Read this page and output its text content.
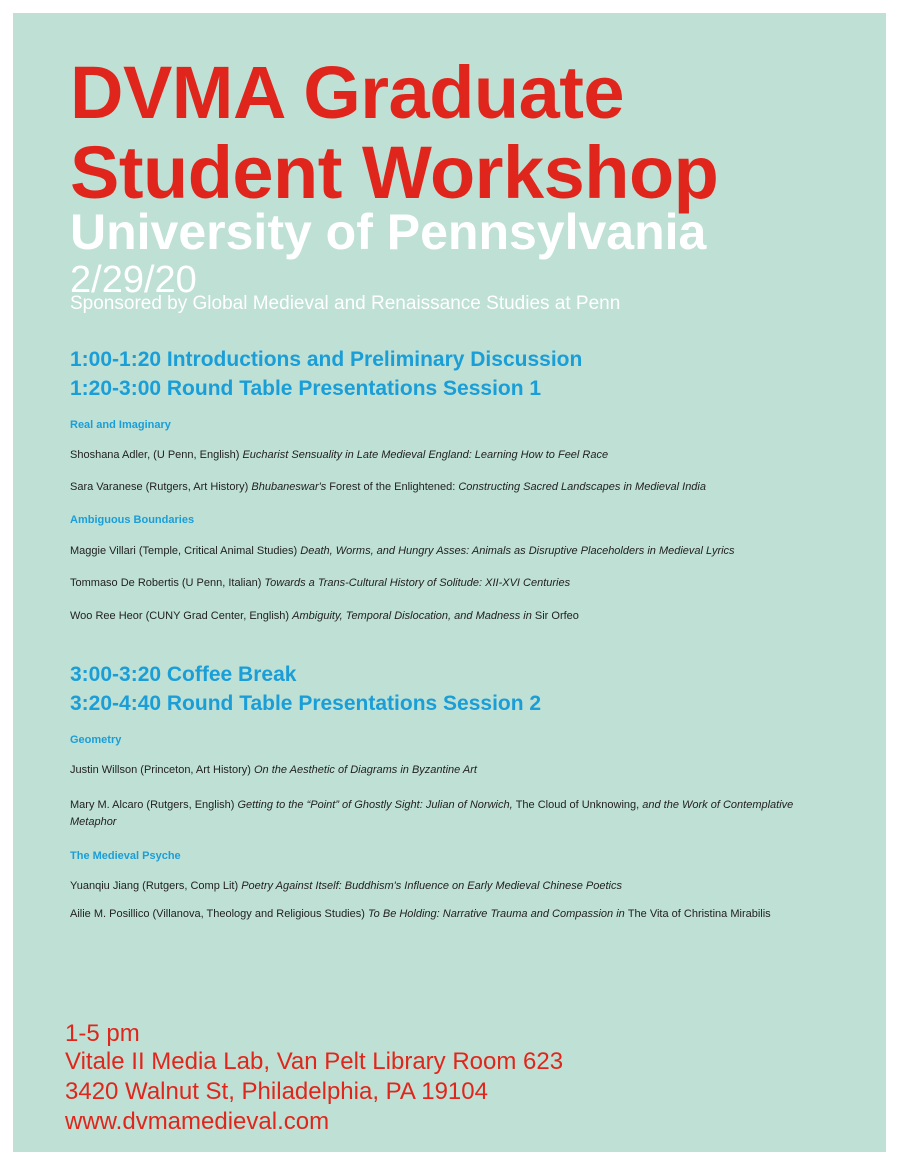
DVMA Graduate
Student Workshop
University of Pennsylvania
2/29/20
Sponsored by Global Medieval and Renaissance Studies at Penn
1:00-1:20 Introductions and Preliminary Discussion
1:20-3:00 Round Table Presentations Session 1
Real and Imaginary
Shoshana Adler, (U Penn, English) Eucharist Sensuality in Late Medieval England: Learning How to Feel Race
Sara Varanese (Rutgers, Art History) Bhubaneswar's Forest of the Enlightened: Constructing Sacred Landscapes in Medieval India
Ambiguous Boundaries
Maggie Villari (Temple, Critical Animal Studies) Death, Worms, and Hungry Asses: Animals as Disruptive Placeholders in Medieval Lyrics
Tommaso De Robertis (U Penn, Italian) Towards a Trans-Cultural History of Solitude: XII-XVI Centuries
Woo Ree Heor (CUNY Grad Center, English) Ambiguity, Temporal Dislocation, and Madness in Sir Orfeo
3:00-3:20 Coffee Break
3:20-4:40 Round Table Presentations Session 2
Geometry
Justin Willson (Princeton, Art History) On the Aesthetic of Diagrams in Byzantine Art
Mary M. Alcaro (Rutgers, English) Getting to the “Point” of Ghostly Sight: Julian of Norwich, The Cloud of Unknowing, and the Work of Contemplative Metaphor
The Medieval Psyche
Yuanqiu Jiang (Rutgers, Comp Lit) Poetry Against Itself: Buddhism's Influence on Early Medieval Chinese Poetics
Ailie M. Posillico (Villanova, Theology and Religious Studies) To Be Holding: Narrative Trauma and Compassion in The Vita of Christina Mirabilis
1-5 pm
Vitale II Media Lab, Van Pelt Library Room 623
3420 Walnut St, Philadelphia, PA 19104
www.dvmamedieval.com
